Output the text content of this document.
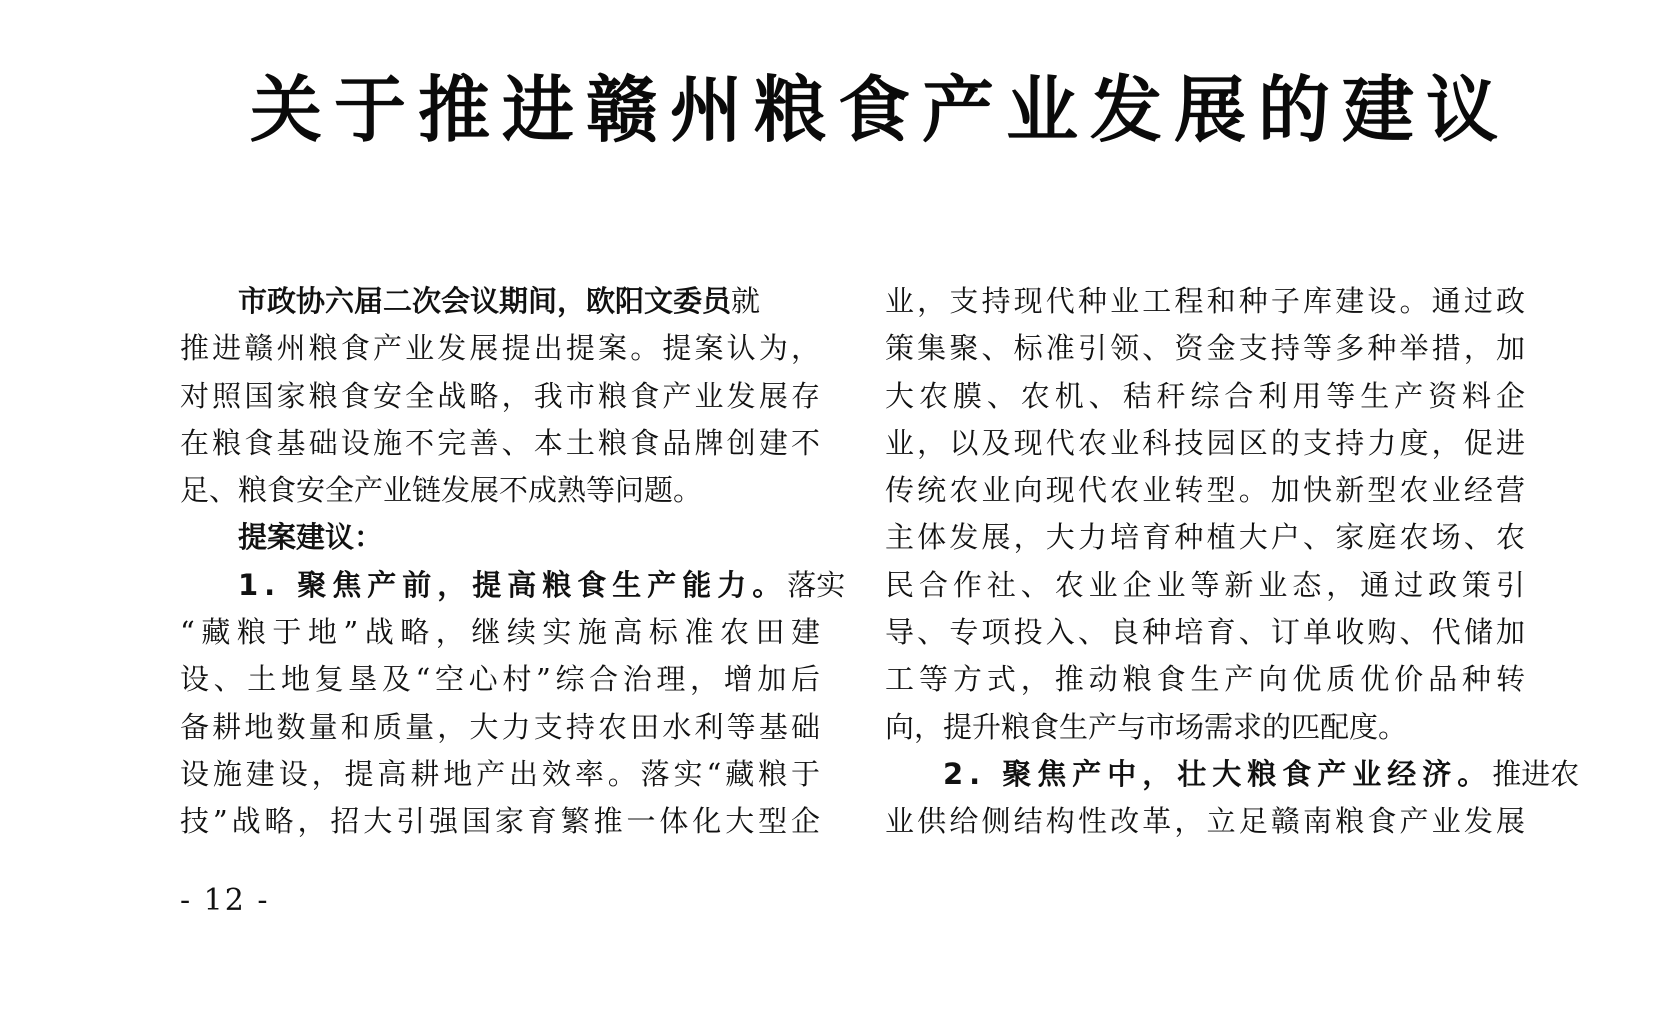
关于推进赣州粮食产业发展的建议
市政协六届二次会议期间，欧阳文委员就
推进赣州粮食产业发展提出提案。提案认为，
对照国家粮食安全战略，我市粮食产业发展存
在粮食基础设施不完善、本土粮食品牌创建不
足、粮食安全产业链发展不成熟等问题。
提案建议：
1. 聚焦产前，提高粮食生产能力。落实
“藏粮于地”战略，继续实施高标准农田建
设、土地复垦及“空心村”综合治理，增加后
备耕地数量和质量，大力支持农田水利等基础
设施建设，提高耕地产出效率。落实“藏粮于
技”战略，招大引强国家育繁推一体化大型企
业，支持现代种业工程和种子库建设。通过政
策集聚、标准引领、资金支持等多种举措，加
大农膜、农机、秸秆综合利用等生产资料企
业，以及现代农业科技园区的支持力度，促进
传统农业向现代农业转型。加快新型农业经营
主体发展，大力培育种植大户、家庭农场、农
民合作社、农业企业等新业态，通过政策引
导、专项投入、良种培育、订单收购、代储加
工等方式，推动粮食生产向优质优价品种转
向，提升粮食生产与市场需求的匹配度。
2. 聚焦产中，壮大粮食产业经济。推进农
业供给侧结构性改革，立足赣南粮食产业发展
- 12 -
